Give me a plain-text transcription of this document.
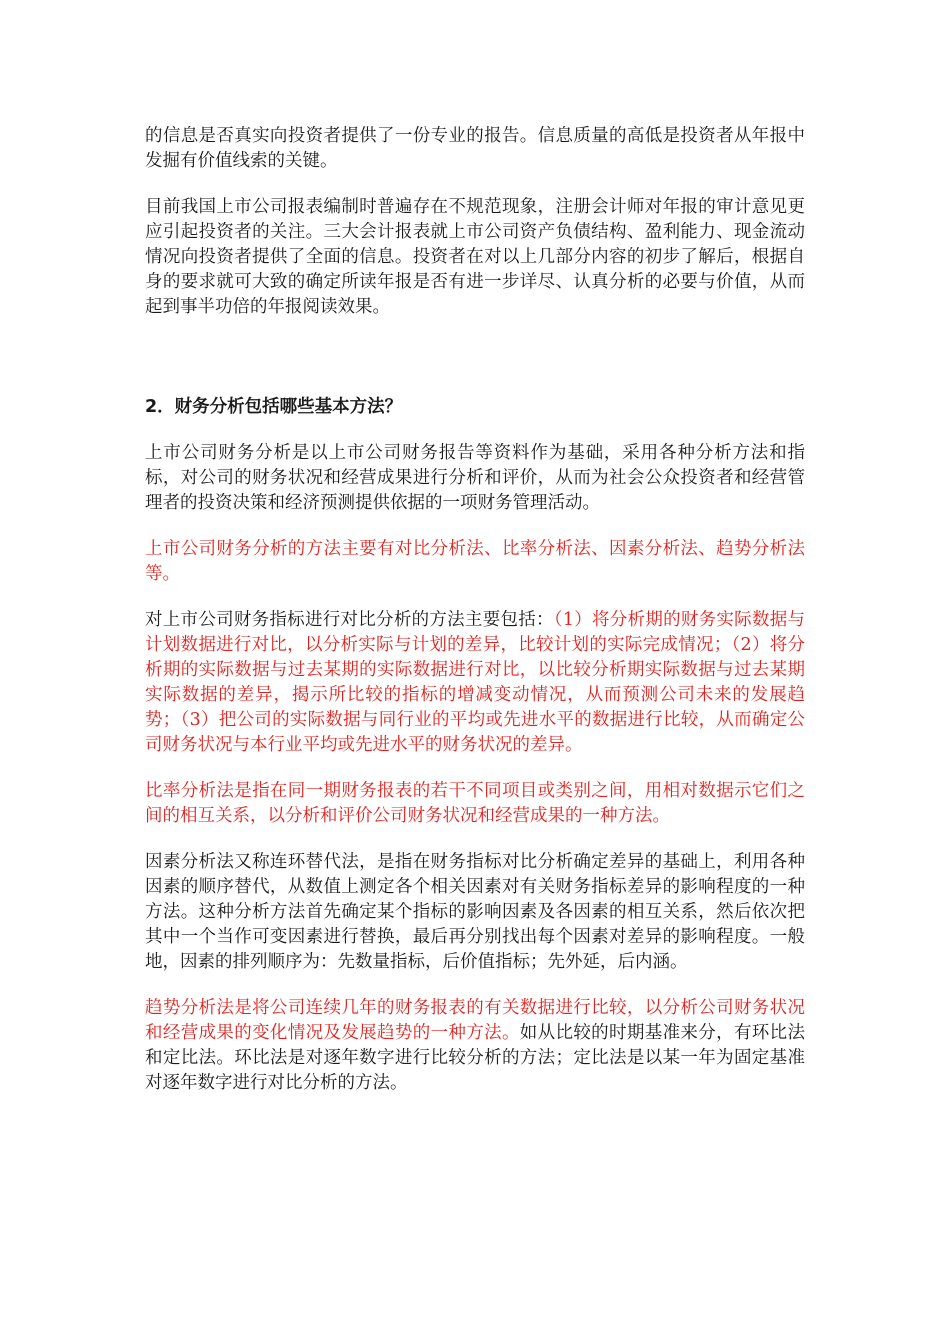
的信息是否真实向投资者提供了一份专业的报告。信息质量的高低是投资者从年报中发掘有价值线索的关键。

目前我国上市公司报表编制时普遍存在不规范现象，注册会计师对年报的审计意见更应引起投资者的关注。三大会计报表就上市公司资产负债结构、盈利能力、现金流动情况向投资者提供了全面的信息。投资者在对以上几部分内容的初步了解后，根据自身的要求就可大致的确定所读年报是否有进一步详尽、认真分析的必要与价值，从而起到事半功倍的年报阅读效果。

2．财务分析包括哪些基本方法？

上市公司财务分析是以上市公司财务报告等资料作为基础，采用各种分析方法和指标，对公司的财务状况和经营成果进行分析和评价，从而为社会公众投资者和经营管理者的投资决策和经济预测提供依据的一项财务管理活动。

上市公司财务分析的方法主要有对比分析法、比率分析法、因素分析法、趋势分析法等。

对上市公司财务指标进行对比分析的方法主要包括：（1）将分析期的财务实际数据与计划数据进行对比，以分析实际与计划的差异，比较计划的实际完成情况；（2）将分析期的实际数据与过去某期的实际数据进行对比，以比较分析期实际数据与过去某期实际数据的差异，揭示所比较的指标的增减变动情况，从而预测公司未来的发展趋势；（3）把公司的实际数据与同行业的平均或先进水平的数据进行比较，从而确定公司财务状况与本行业平均或先进水平的财务状况的差异。

比率分析法是指在同一期财务报表的若干不同项目或类别之间，用相对数据示它们之间的相互关系，以分析和评价公司财务状况和经营成果的一种方法。

因素分析法又称连环替代法，是指在财务指标对比分析确定差异的基础上，利用各种因素的顺序替代，从数值上测定各个相关因素对有关财务指标差异的影响程度的一种方法。这种分析方法首先确定某个指标的影响因素及各因素的相互关系，然后依次把其中一个当作可变因素进行替换，最后再分别找出每个因素对差异的影响程度。一般地，因素的排列顺序为：先数量指标，后价值指标；先外延，后内涵。

趋势分析法是将公司连续几年的财务报表的有关数据进行比较，以分析公司财务状况和经营成果的变化情况及发展趋势的一种方法。如从比较的时期基准来分，有环比法和定比法。环比法是对逐年数字进行比较分析的方法；定比法是以某一年为固定基准对逐年数字进行对比分析的方法。
